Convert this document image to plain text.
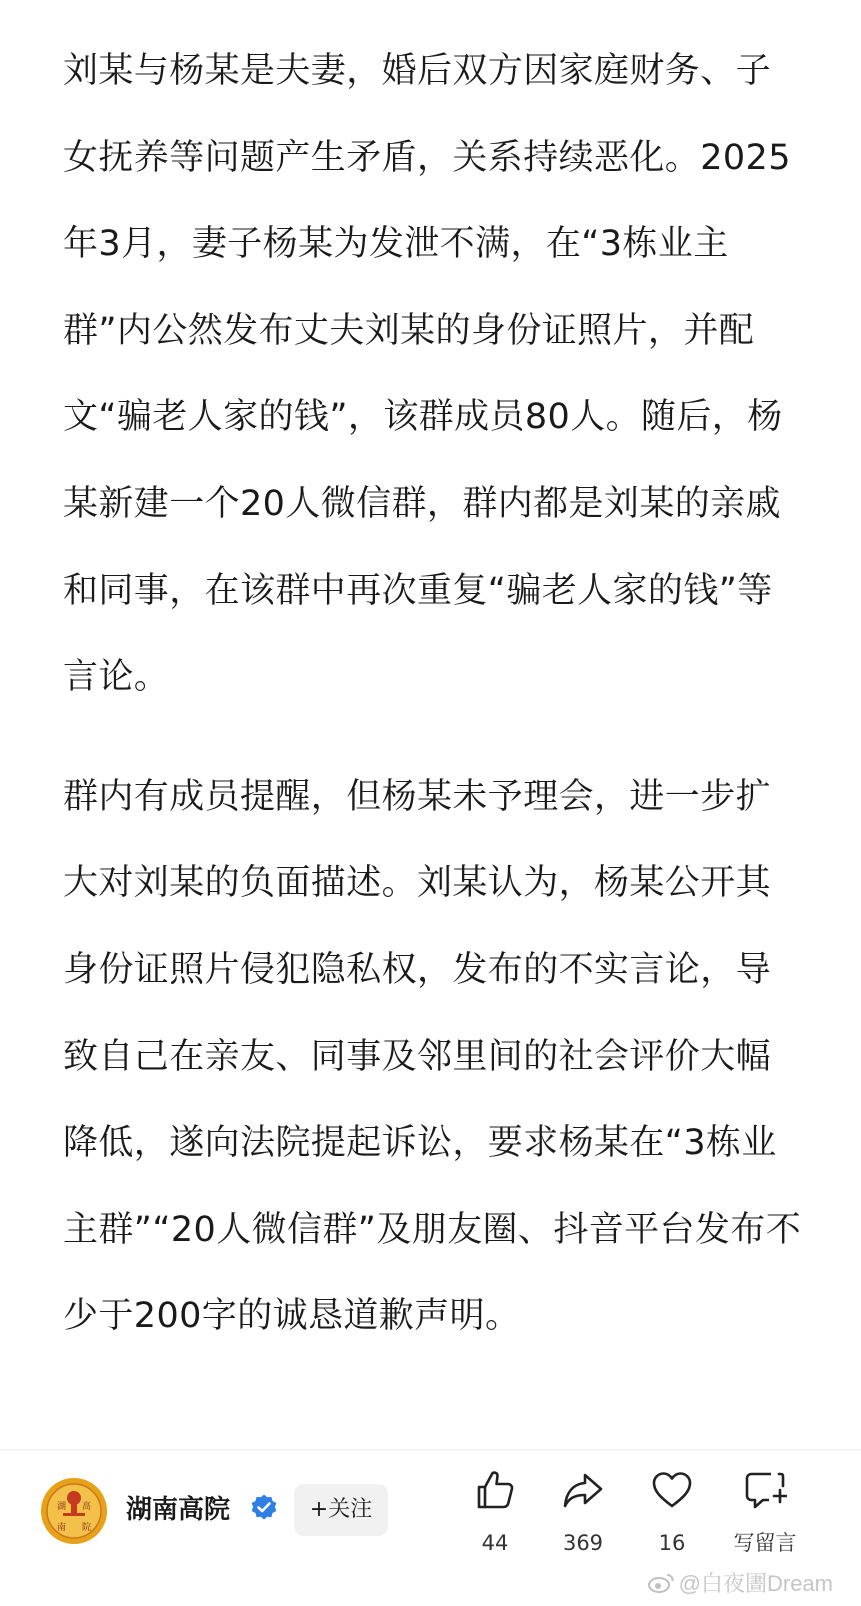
刘某与杨某是夫妻，婚后双方因家庭财务、子女抚养等问题产生矛盾，关系持续恶化。2025年3月，妻子杨某为发泄不满，在“3栋业主群”内公然发布丈夫刘某的身份证照片，并配文“骗老人家的钱”，该群成员80人。随后，杨某新建一个20人微信群，群内都是刘某的亲戚和同事，在该群中再次重复“骗老人家的钱”等言论。

群内有成员提醒，但杨某未予理会，进一步扩大对刘某的负面描述。刘某认为，杨某公开其身份证照片侵犯隐私权，发布的不实言论，导致自己在亲友、同事及邻里间的社会评价大幅降低，遂向法院提起诉讼，要求杨某在“3栋业主群”“20人微信群”及朋友圈、抖音平台发布不少于200字的诚恳道歉声明。

湖 高
南 院
湖南高院	+关注
44	369	16	写留言
@白夜圕Dream
